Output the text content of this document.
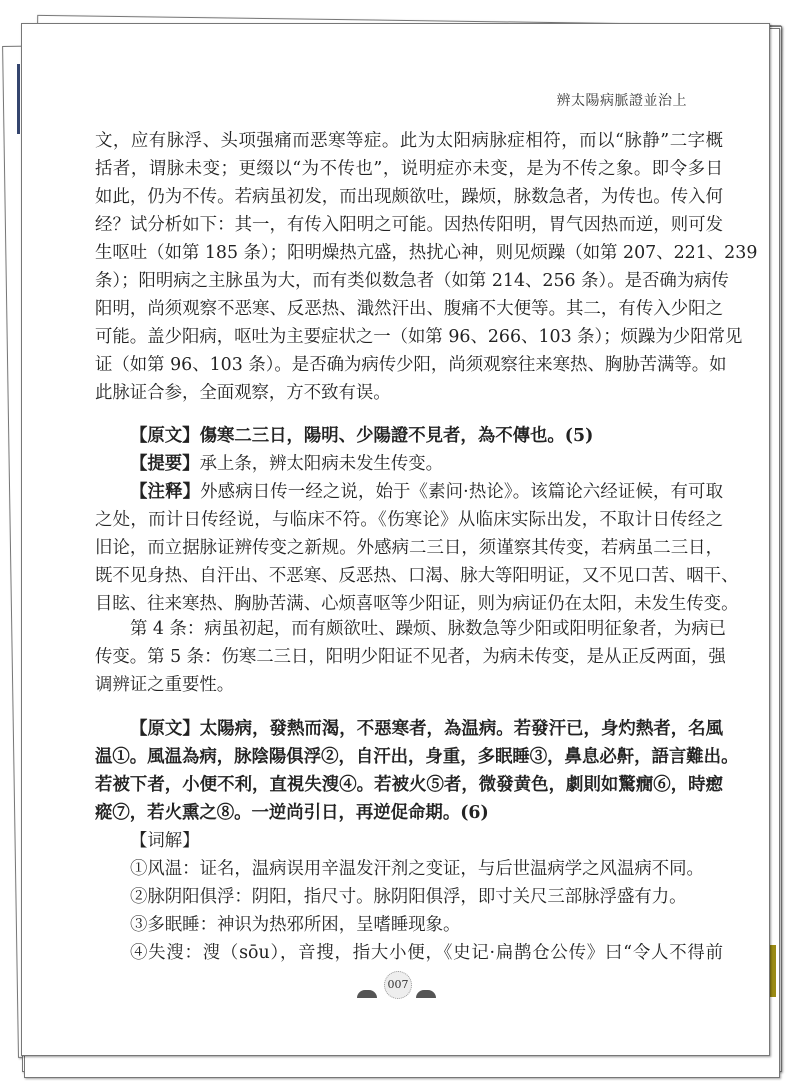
辨太陽病脈證並治上
文，应有脉浮、头项强痛而恶寒等症。此为太阳病脉症相符，而以“脉静”二字概
括者，谓脉未变；更缀以“为不传也”，说明症亦未变，是为不传之象。即令多日
如此，仍为不传。若病虽初发，而出现颇欲吐，躁烦，脉数急者，为传也。传入何
经？试分析如下：其一，有传入阳明之可能。因热传阳明，胃气因热而逆，则可发
生呕吐（如第 185 条）；阳明燥热亢盛，热扰心神，则见烦躁（如第 207、221、239
条）；阳明病之主脉虽为大，而有类似数急者（如第 214、256 条）。是否确为病传
阳明，尚须观察不恶寒、反恶热、濈然汗出、腹痛不大便等。其二，有传入少阳之
可能。盖少阳病，呕吐为主要症状之一（如第 96、266、103 条）；烦躁为少阳常见
证（如第 96、103 条）。是否确为病传少阳，尚须观察往来寒热、胸胁苦满等。如
此脉证合参，全面观察，方不致有误。
【原文】傷寒二三日，陽明、少陽證不見者，為不傳也。(5)
【提要】承上条，辨太阳病未发生传变。
【注释】外感病日传一经之说，始于《素问·热论》。该篇论六经证候，有可取
之处，而计日传经说，与临床不符。《伤寒论》从临床实际出发，不取计日传经之
旧论，而立据脉证辨传变之新规。外感病二三日，须谨察其传变，若病虽二三日，
既不见身热、自汗出、不恶寒、反恶热、口渴、脉大等阳明证，又不见口苦、咽干、
目眩、往来寒热、胸胁苦满、心烦喜呕等少阳证，则为病证仍在太阳，未发生传变。
第 4 条：病虽初起，而有颇欲吐、躁烦、脉数急等少阳或阳明征象者，为病已
传变。第 5 条：伤寒二三日，阳明少阳证不见者，为病未传变，是从正反两面，强
调辨证之重要性。
【原文】太陽病，發熱而渴，不惡寒者，為温病。若發汗已，身灼熱者，名風
温①。風温為病，脉陰陽俱浮②，自汗出，身重，多眠睡③，鼻息必鼾，語言難出。
若被下者，小便不利，直視失溲④。若被火⑤者，微發黄色，劇則如驚癇⑥，時瘛
瘲⑦，若火熏之⑧。一逆尚引日，再逆促命期。(6)
【词解】
①风温：证名，温病误用辛温发汗剂之变证，与后世温病学之风温病不同。
②脉阴阳俱浮：阴阳，指尺寸。脉阴阳俱浮，即寸关尺三部脉浮盛有力。
③多眠睡：神识为热邪所困，呈嗜睡现象。
④失溲：溲（sōu），音搜，指大小便，《史记·扁鹊仓公传》曰“令人不得前
007
